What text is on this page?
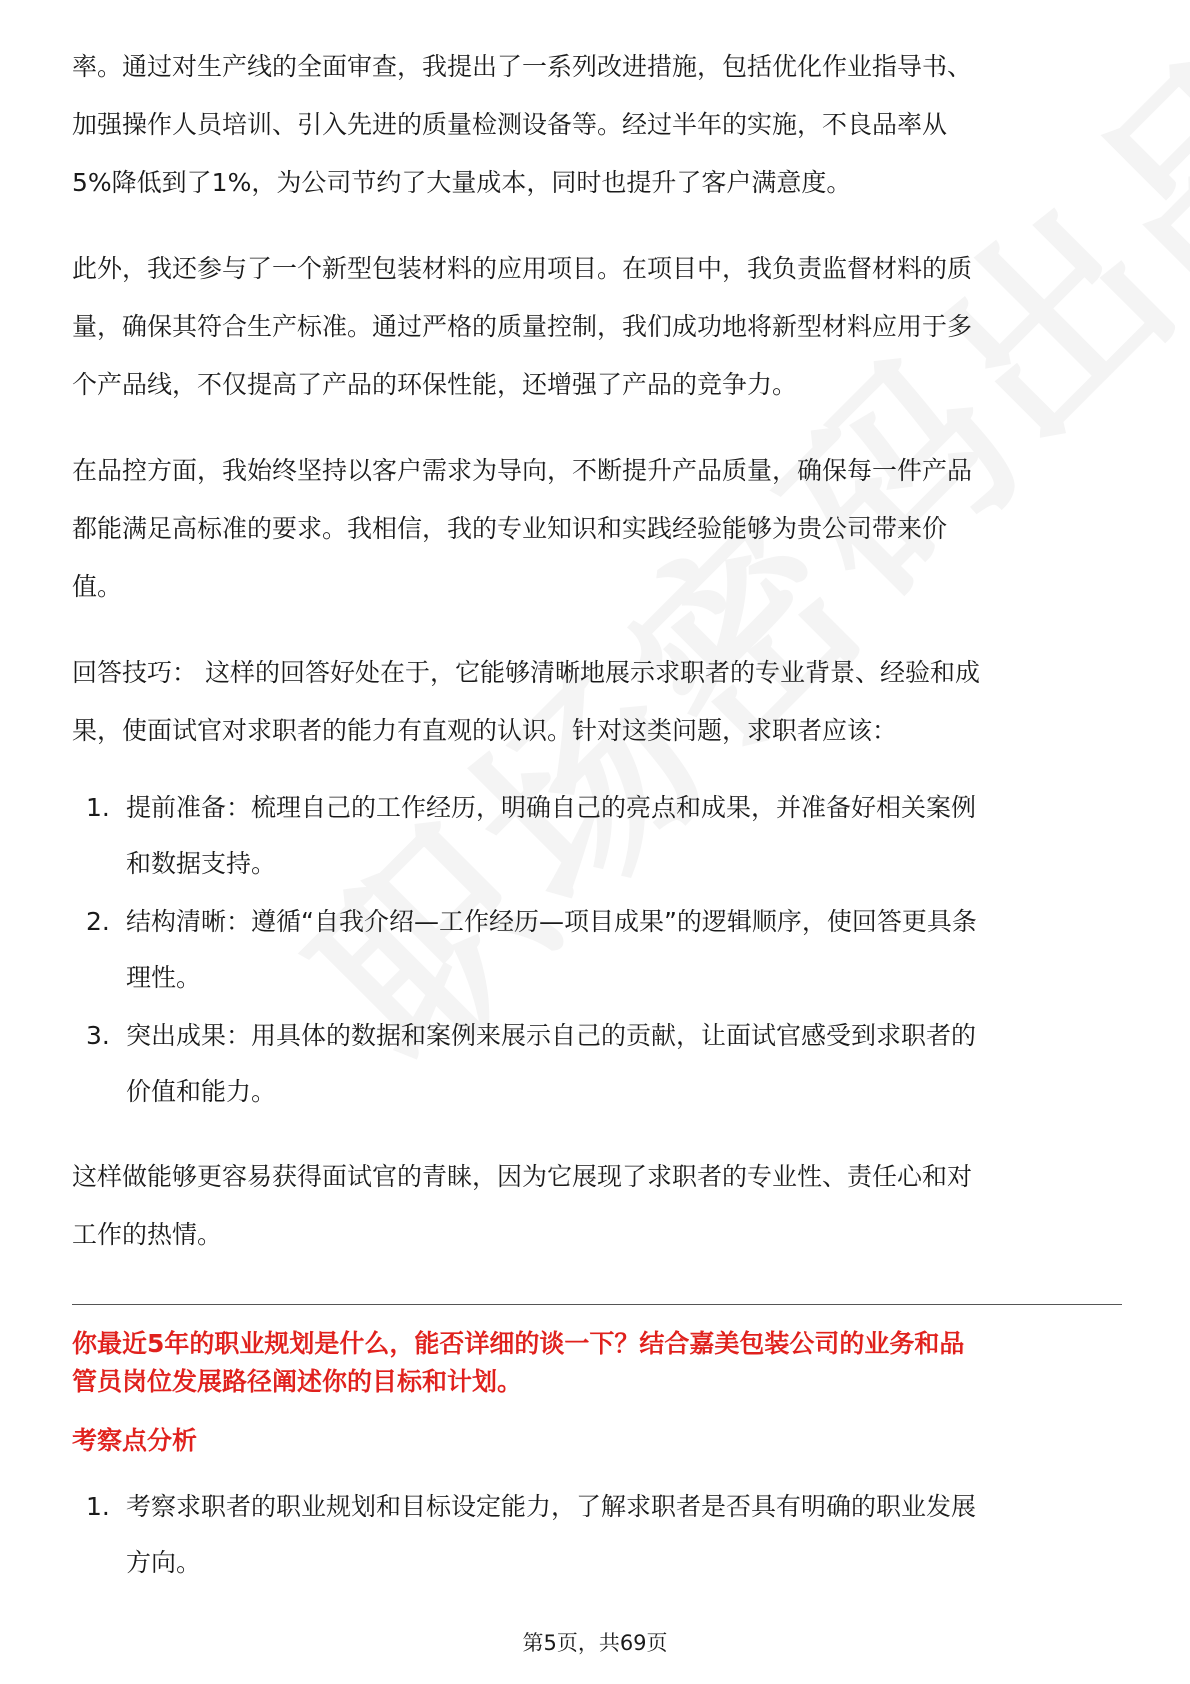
率。通过对生产线的全面审查，我提出了一系列改进措施，包括优化作业指导书、
加强操作人员培训、引入先进的质量检测设备等。经过半年的实施，不良品率从
5%降低到了1%，为公司节约了大量成本，同时也提升了客户满意度。

此外，我还参与了一个新型包装材料的应用项目。在项目中，我负责监督材料的质
量，确保其符合生产标准。通过严格的质量控制，我们成功地将新型材料应用于多
个产品线，不仅提高了产品的环保性能，还增强了产品的竞争力。

在品控方面，我始终坚持以客户需求为导向，不断提升产品质量，确保每一件产品
都能满足高标准的要求。我相信，我的专业知识和实践经验能够为贵公司带来价
值。

回答技巧： 这样的回答好处在于，它能够清晰地展示求职者的专业背景、经验和成
果，使面试官对求职者的能力有直观的认识。针对这类问题，求职者应该：

1. 提前准备：梳理自己的工作经历，明确自己的亮点和成果，并准备好相关案例
和数据支持。
2. 结构清晰：遵循“自我介绍—工作经历—项目成果”的逻辑顺序，使回答更具条
理性。
3. 突出成果：用具体的数据和案例来展示自己的贡献，让面试官感受到求职者的
价值和能力。

这样做能够更容易获得面试官的青睐，因为它展现了求职者的专业性、责任心和对
工作的热情。

你最近5年的职业规划是什么，能否详细的谈一下？结合嘉美包装公司的业务和品
管员岗位发展路径阐述你的目标和计划。

考察点分析

1. 考察求职者的职业规划和目标设定能力，了解求职者是否具有明确的职业发展
方向。
第5页，共69页
